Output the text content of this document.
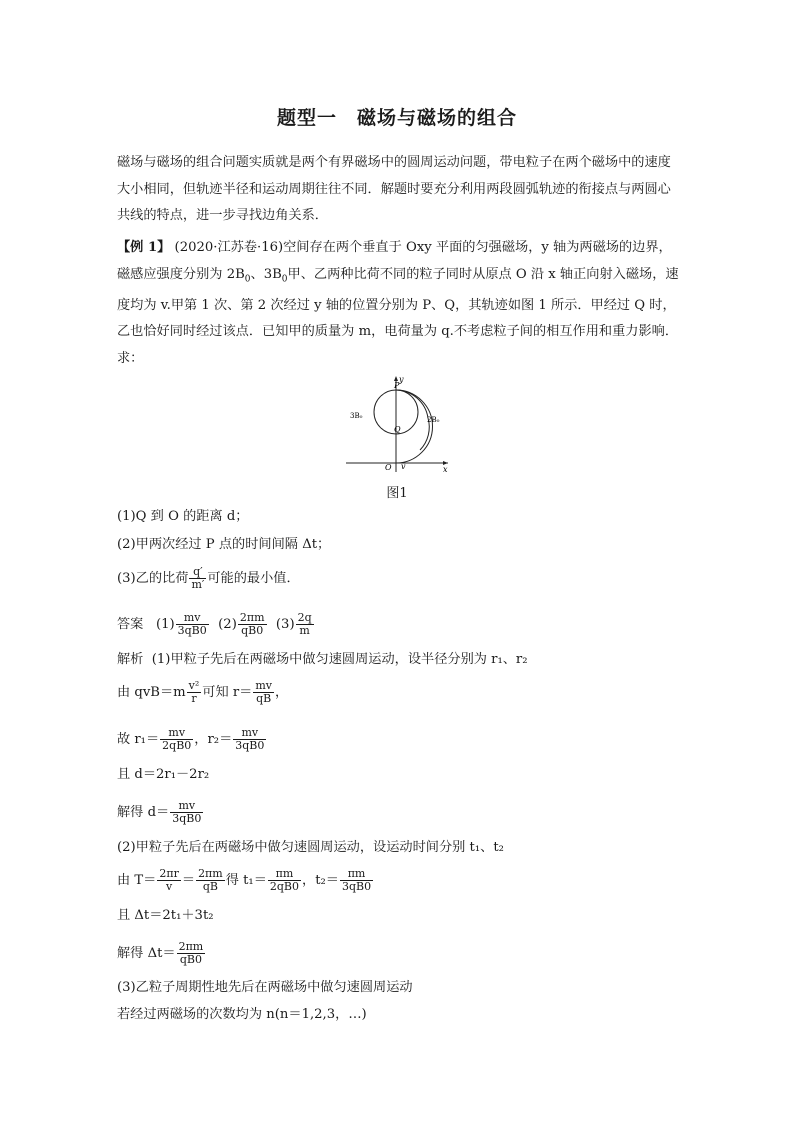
题型一　磁场与磁场的组合
磁场与磁场的组合问题实质就是两个有界磁场中的圆周运动问题，带电粒子在两个磁场中的速度大小相同，但轨迹半径和运动周期往往不同．解题时要充分利用两段圆弧轨迹的衔接点与两圆心共线的特点，进一步寻找边角关系．
【例 1】 (2020·江苏卷·16)空间存在两个垂直于 Oxy 平面的匀强磁场，y 轴为两磁场的边界，磁感应强度分别为 $2B_0$、$3B_0$甲、乙两种比荷不同的粒子同时从原点 O 沿 x 轴正向射入磁场，速度均为 v.甲第 1 次、第 2 次经过 y 轴的位置分别为 P、Q，其轨迹如图 1 所示．甲经过 Q 时，乙也恰好同时经过该点．已知甲的质量为 m，电荷量为 q.不考虑粒子间的相互作用和重力影响．求：
y
x
P
Q
O v
3B₀	2B₀
图1
(1)Q 到 O 的距离 d；
(2)甲两次经过 P 点的时间间隔 Δt；
(3)乙的比荷 $\frac{q'}{m'}$ 可能的最小值．
答案 $(1) \frac{mv}{3qB0} (2) \frac{2\pi m}{qB0} (3) \frac{2q}{m}$
解析 (1)甲粒子先后在两磁场中做匀速圆周运动，设半径分别为 r₁、r₂
由 $qvB=m \frac{\text{v²}}{r}$ 可知 $r= \frac{mv}{qB}$ ，
故 $r_1= \frac{mv}{2qB0}$ ，$r_2= \frac{mv}{3qB0}$
且 d＝2r₁－2r₂
解得 $d= \frac{mv}{3qB0}$
(2)甲粒子先后在两磁场中做匀速圆周运动，设运动时间分别 t₁、t₂
由 $T= \frac{2\pi r}{v} = \frac{2\pi m}{qB}$ 得 $t_1= \frac{\pi m}{2qB0}$ ，$t_2= \frac{\pi m}{3qB0}$
且 Δt＝2t₁＋3t₂
解得 $\Delta t= \frac{2\pi m}{qB0}$
(3)乙粒子周期性地先后在两磁场中做匀速圆周运动
若经过两磁场的次数均为 n(n＝1,2,3，…)
